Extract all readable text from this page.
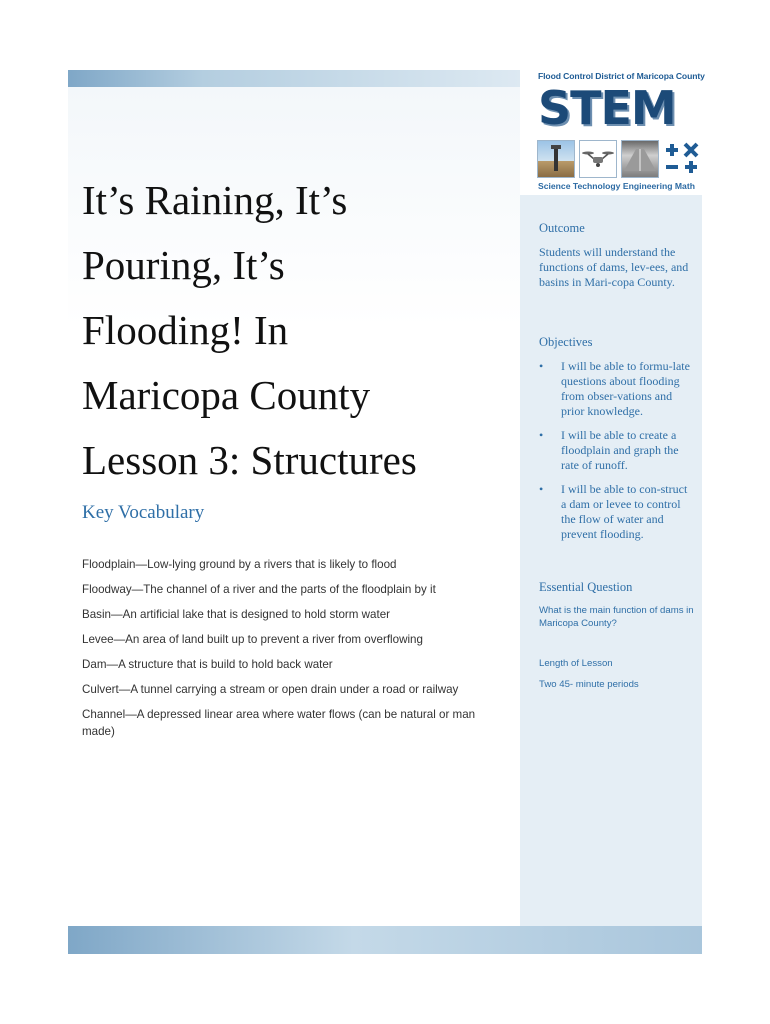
Flood Control District of Maricopa County
STEM
Science Technology Engineering Math
It’s Raining, It’s
Pouring, It’s
Flooding! In
Maricopa County
Lesson 3: Structures
Key Vocabulary
Floodplain—Low-lying ground by a rivers that is likely to flood
Floodway—The channel of a river and the parts of the floodplain by it
Basin—An artificial lake that is designed to hold storm water
Levee—An area of land built up to prevent a river from overflowing
Dam—A structure that is build to hold back water
Culvert—A tunnel carrying a stream or open drain under a road or railway
Channel—A depressed linear area where water flows (can be natural or man made)
Outcome

Students will understand the functions of dams, lev-ees, and basins in Mari-copa County.

Objectives
• I will be able to formu-late questions about flooding from obser-vations and prior knowledge.
• I will be able to create a floodplain and graph the rate of runoff.
• I will be able to con-struct a dam or levee to control the flow of water and prevent flooding.
Essential Question

What is the main function of dams in Maricopa County?

Length of Lesson

Two 45- minute periods
